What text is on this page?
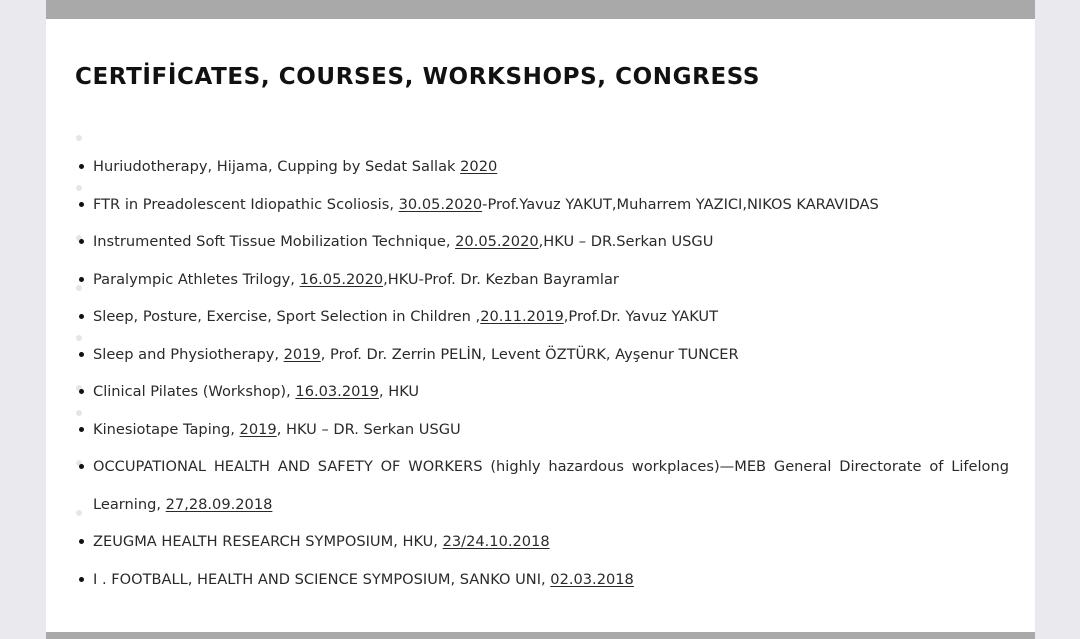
CERTİFİCATES, COURSES, WORKSHOPS, CONGRESS
Huriudotherapy, Hijama, Cupping by Sedat Sallak 2020
FTR in Preadolescent Idiopathic Scoliosis, 30.05.2020-Prof.Yavuz YAKUT,Muharrem YAZICI,NIKOS KARAVIDAS
Instrumented Soft Tissue Mobilization Technique, 20.05.2020,HKU – DR.Serkan USGU
Paralympic Athletes Trilogy, 16.05.2020,HKU-Prof. Dr. Kezban Bayramlar
Sleep, Posture, Exercise, Sport Selection in Children ,20.11.2019,Prof.Dr. Yavuz YAKUT
Sleep and Physiotherapy, 2019, Prof. Dr. Zerrin PELİN, Levent ÖZTÜRK, Ayşenur TUNCER
Clinical Pilates (Workshop), 16.03.2019, HKU
Kinesiotape Taping, 2019, HKU – DR. Serkan USGU
OCCUPATIONAL HEALTH AND SAFETY OF WORKERS (highly hazardous workplaces)—MEB General Directorate of Lifelong Learning, 27,28.09.2018
ZEUGMA HEALTH RESEARCH SYMPOSIUM, HKU, 23/24.10.2018
I . FOOTBALL, HEALTH AND SCIENCE SYMPOSIUM, SANKO UNI, 02.03.2018
